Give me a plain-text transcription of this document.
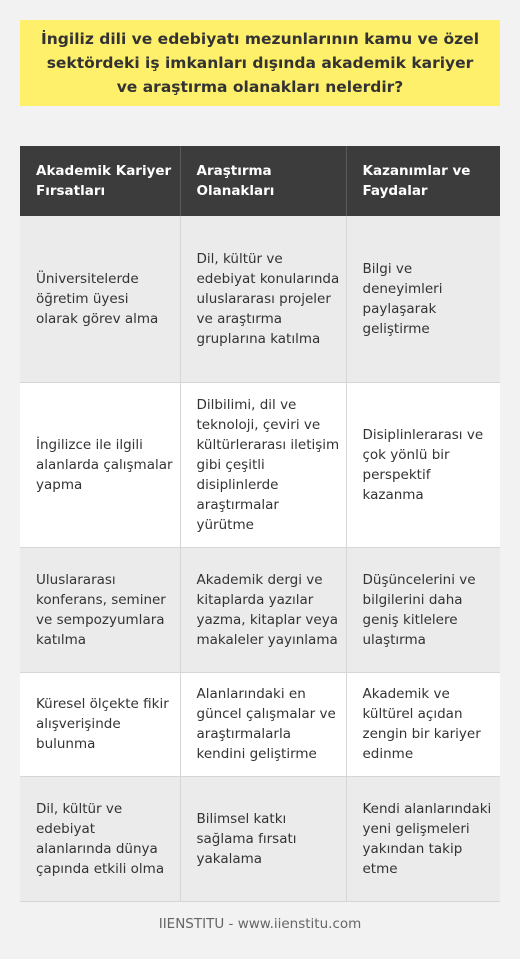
İngiliz dili ve edebiyatı mezunlarının kamu ve özel sektördeki iş imkanları dışında akademik kariyer ve araştırma olanakları nelerdir?
Akademik Kariyer Fırsatları	Araştırma Olanakları	Kazanımlar ve Faydalar
Üniversitelerde öğretim üyesi olarak görev alma	Dil, kültür ve edebiyat konularında uluslararası projeler ve araştırma gruplarına katılma	Bilgi ve deneyimleri paylaşarak geliştirme
İngilizce ile ilgili alanlarda çalışmalar yapma	Dilbilimi, dil ve teknoloji, çeviri ve kültürlerarası iletişim gibi çeşitli disiplinlerde araştırmalar yürütme	Disiplinlerarası ve çok yönlü bir perspektif kazanma
Uluslararası konferans, seminer ve sempozyumlara katılma	Akademik dergi ve kitaplarda yazılar yazma, kitaplar veya makaleler yayınlama	Düşüncelerini ve bilgilerini daha geniş kitlelere ulaştırma
Küresel ölçekte fikir alışverişinde bulunma	Alanlarındaki en güncel çalışmalar ve araştırmalarla kendini geliştirme	Akademik ve kültürel açıdan zengin bir kariyer edinme
Dil, kültür ve edebiyat alanlarında dünya çapında etkili olma	Bilimsel katkı sağlama fırsatı yakalama	Kendi alanlarındaki yeni gelişmeleri yakından takip etme
IIENSTITU - www.iienstitu.com
